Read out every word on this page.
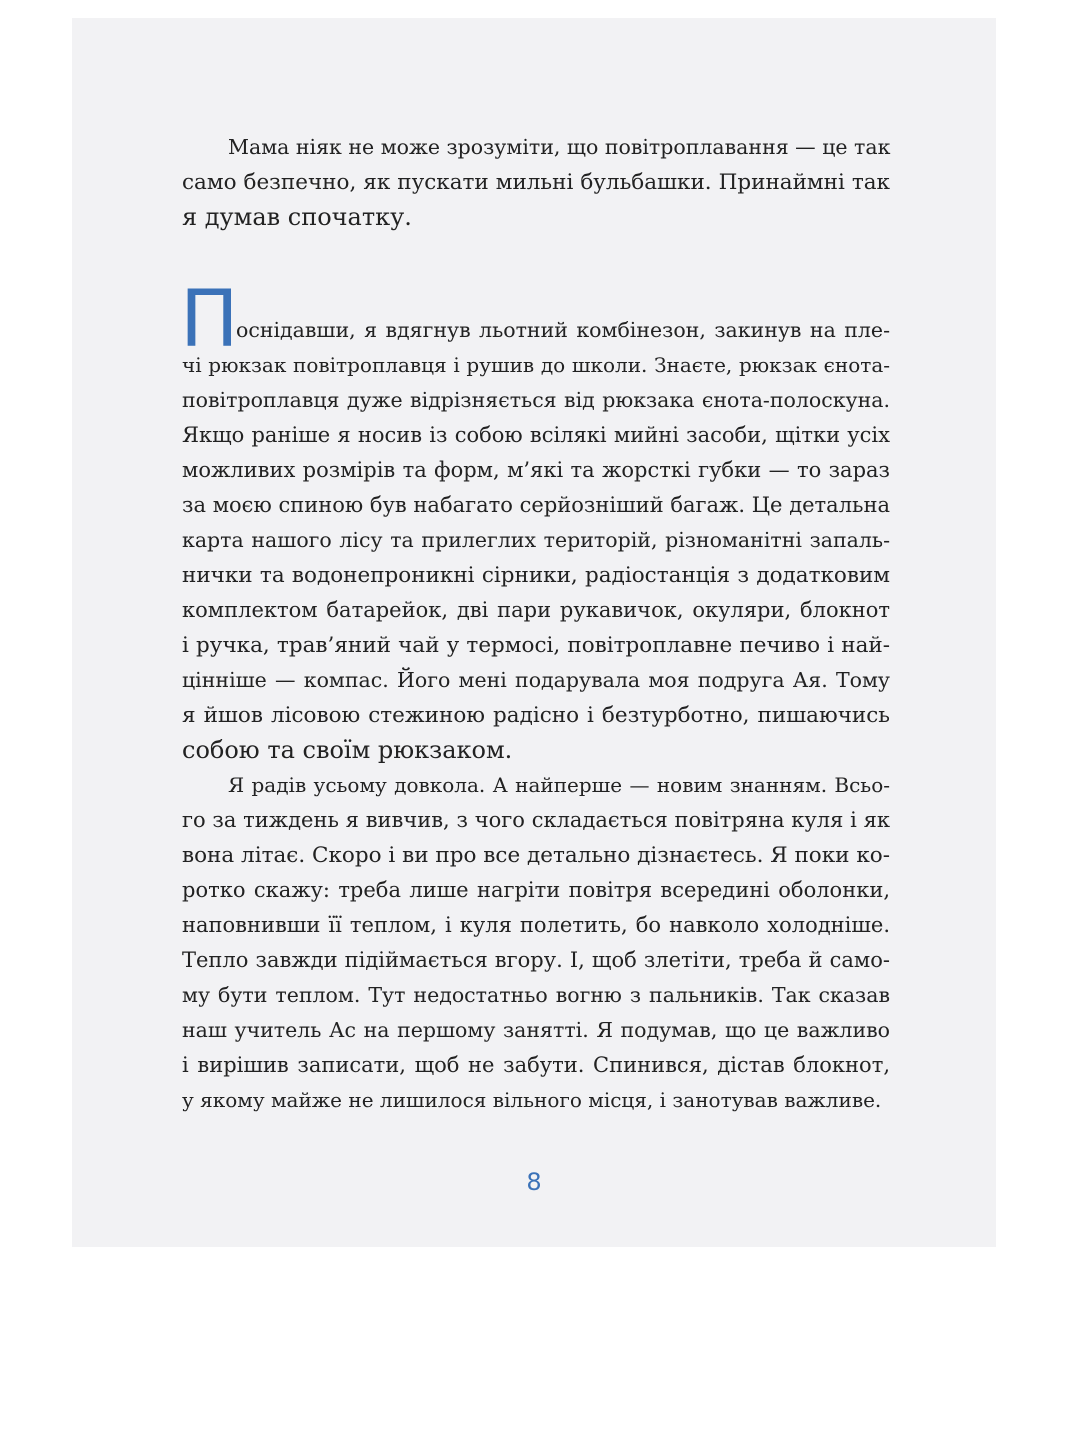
Мама ніяк не може зрозуміти, що повітроплавання — це так
само безпечно, як пускати мильні бульбашки. Принаймні так
я думав спочатку.
П
оснідавши, я вдягнув льотний комбінезон, закинув на пле-
чі рюкзак повітроплавця і рушив до школи. Знаєте, рюкзак єнота-
повітроплавця дуже відрізняється від рюкзака єнота-полоскуна.
Якщо раніше я носив із собою всілякі мийні засоби, щітки усіх
можливих розмірів та форм, м’які та жорсткі губки — то зараз
за моєю спиною був набагато серйозніший багаж. Це детальна
карта нашого лісу та прилеглих територій, різноманітні запаль-
нички та водонепроникні сірники, радіостанція з додатковим
комплектом батарейок, дві пари рукавичок, окуляри, блокнот
і ручка, трав’яний чай у термосі, повітроплавне печиво і най-
цінніше — компас. Його мені подарувала моя подруга Ая. Тому
я йшов лісовою стежиною радісно і безтурботно, пишаючись
собою та своїм рюкзаком.
Я радів усьому довкола. А найперше — новим знанням. Всьо-
го за тиждень я вивчив, з чого складається повітряна куля і як
вона літає. Скоро і ви про все детально дізнаєтесь. Я поки ко-
ротко скажу: треба лише нагріти повітря всередині оболонки,
наповнивши її теплом, і куля полетить, бо навколо холодніше.
Тепло завжди підіймається вгору. І, щоб злетіти, треба й само-
му бути теплом. Тут недостатньо вогню з пальників. Так сказав
наш учитель Ас на першому занятті. Я подумав, що це важливо
і вирішив записати, щоб не забути. Спинився, дістав блокнот,
у якому майже не лишилося вільного місця, і занотував важливе.
8
